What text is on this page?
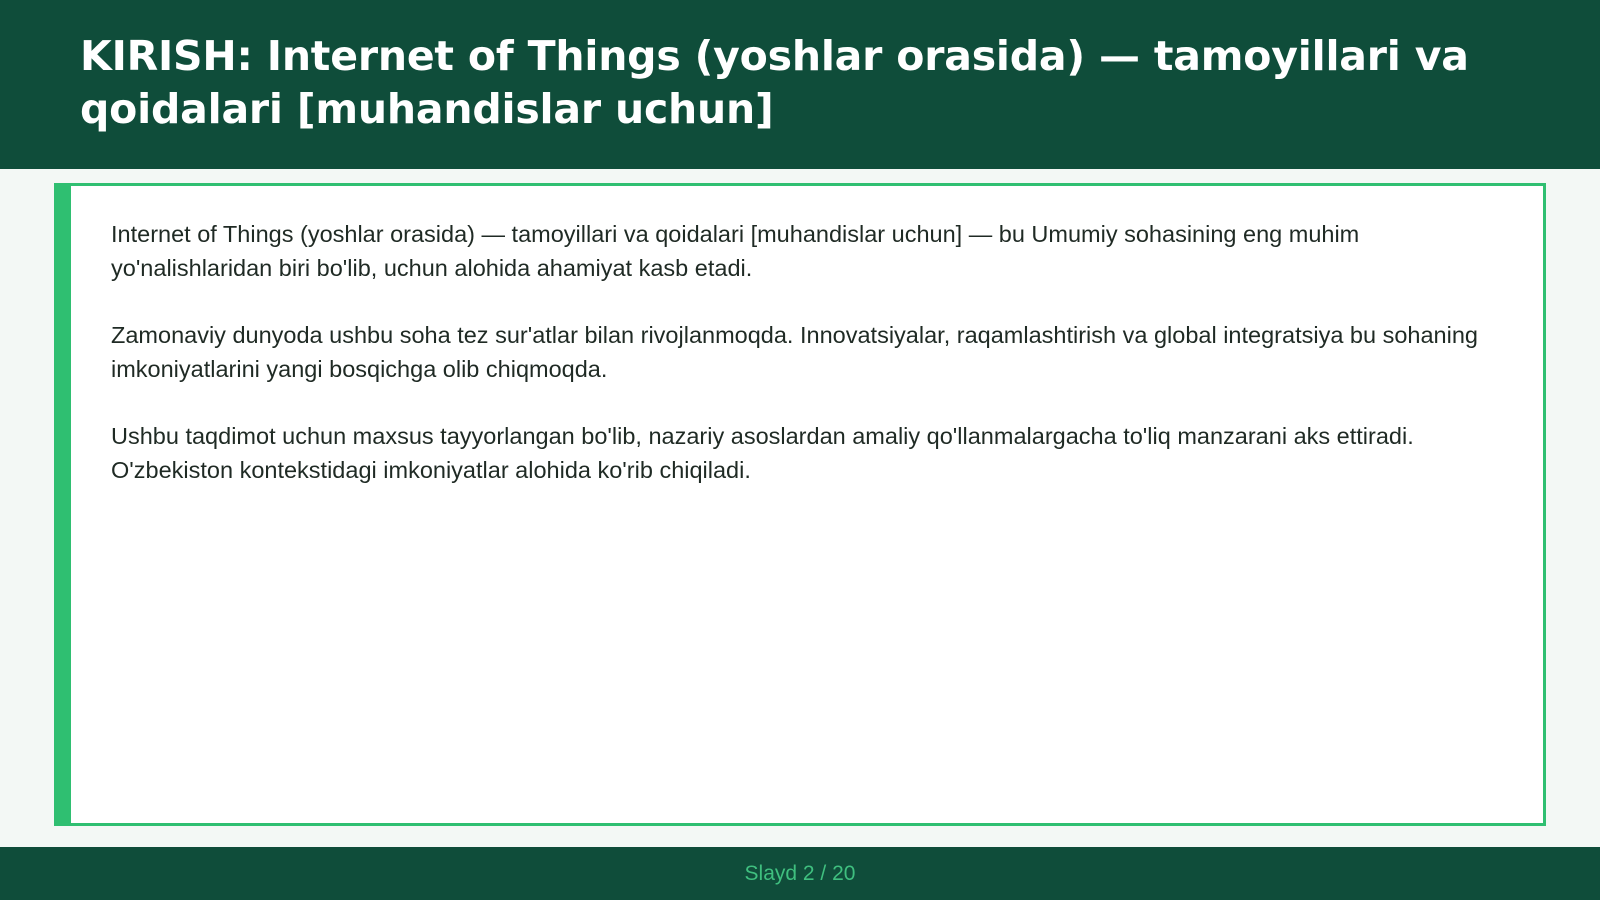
KIRISH: Internet of Things (yoshlar orasida) — tamoyillari va qoidalari [muhandislar uchun]

Internet of Things (yoshlar orasida) — tamoyillari va qoidalari [muhandislar uchun] — bu Umumiy sohasining eng muhim yo'nalishlaridan biri bo'lib, uchun alohida ahamiyat kasb etadi.

Zamonaviy dunyoda ushbu soha tez sur'atlar bilan rivojlanmoqda. Innovatsiyalar, raqamlashtirish va global integratsiya bu sohaning imkoniyatlarini yangi bosqichga olib chiqmoqda.

Ushbu taqdimot uchun maxsus tayyorlangan bo'lib, nazariy asoslardan amaliy qo'llanmalargacha to'liq manzarani aks ettiradi. O'zbekiston kontekstidagi imkoniyatlar alohida ko'rib chiqiladi.

Slayd 2 / 20
